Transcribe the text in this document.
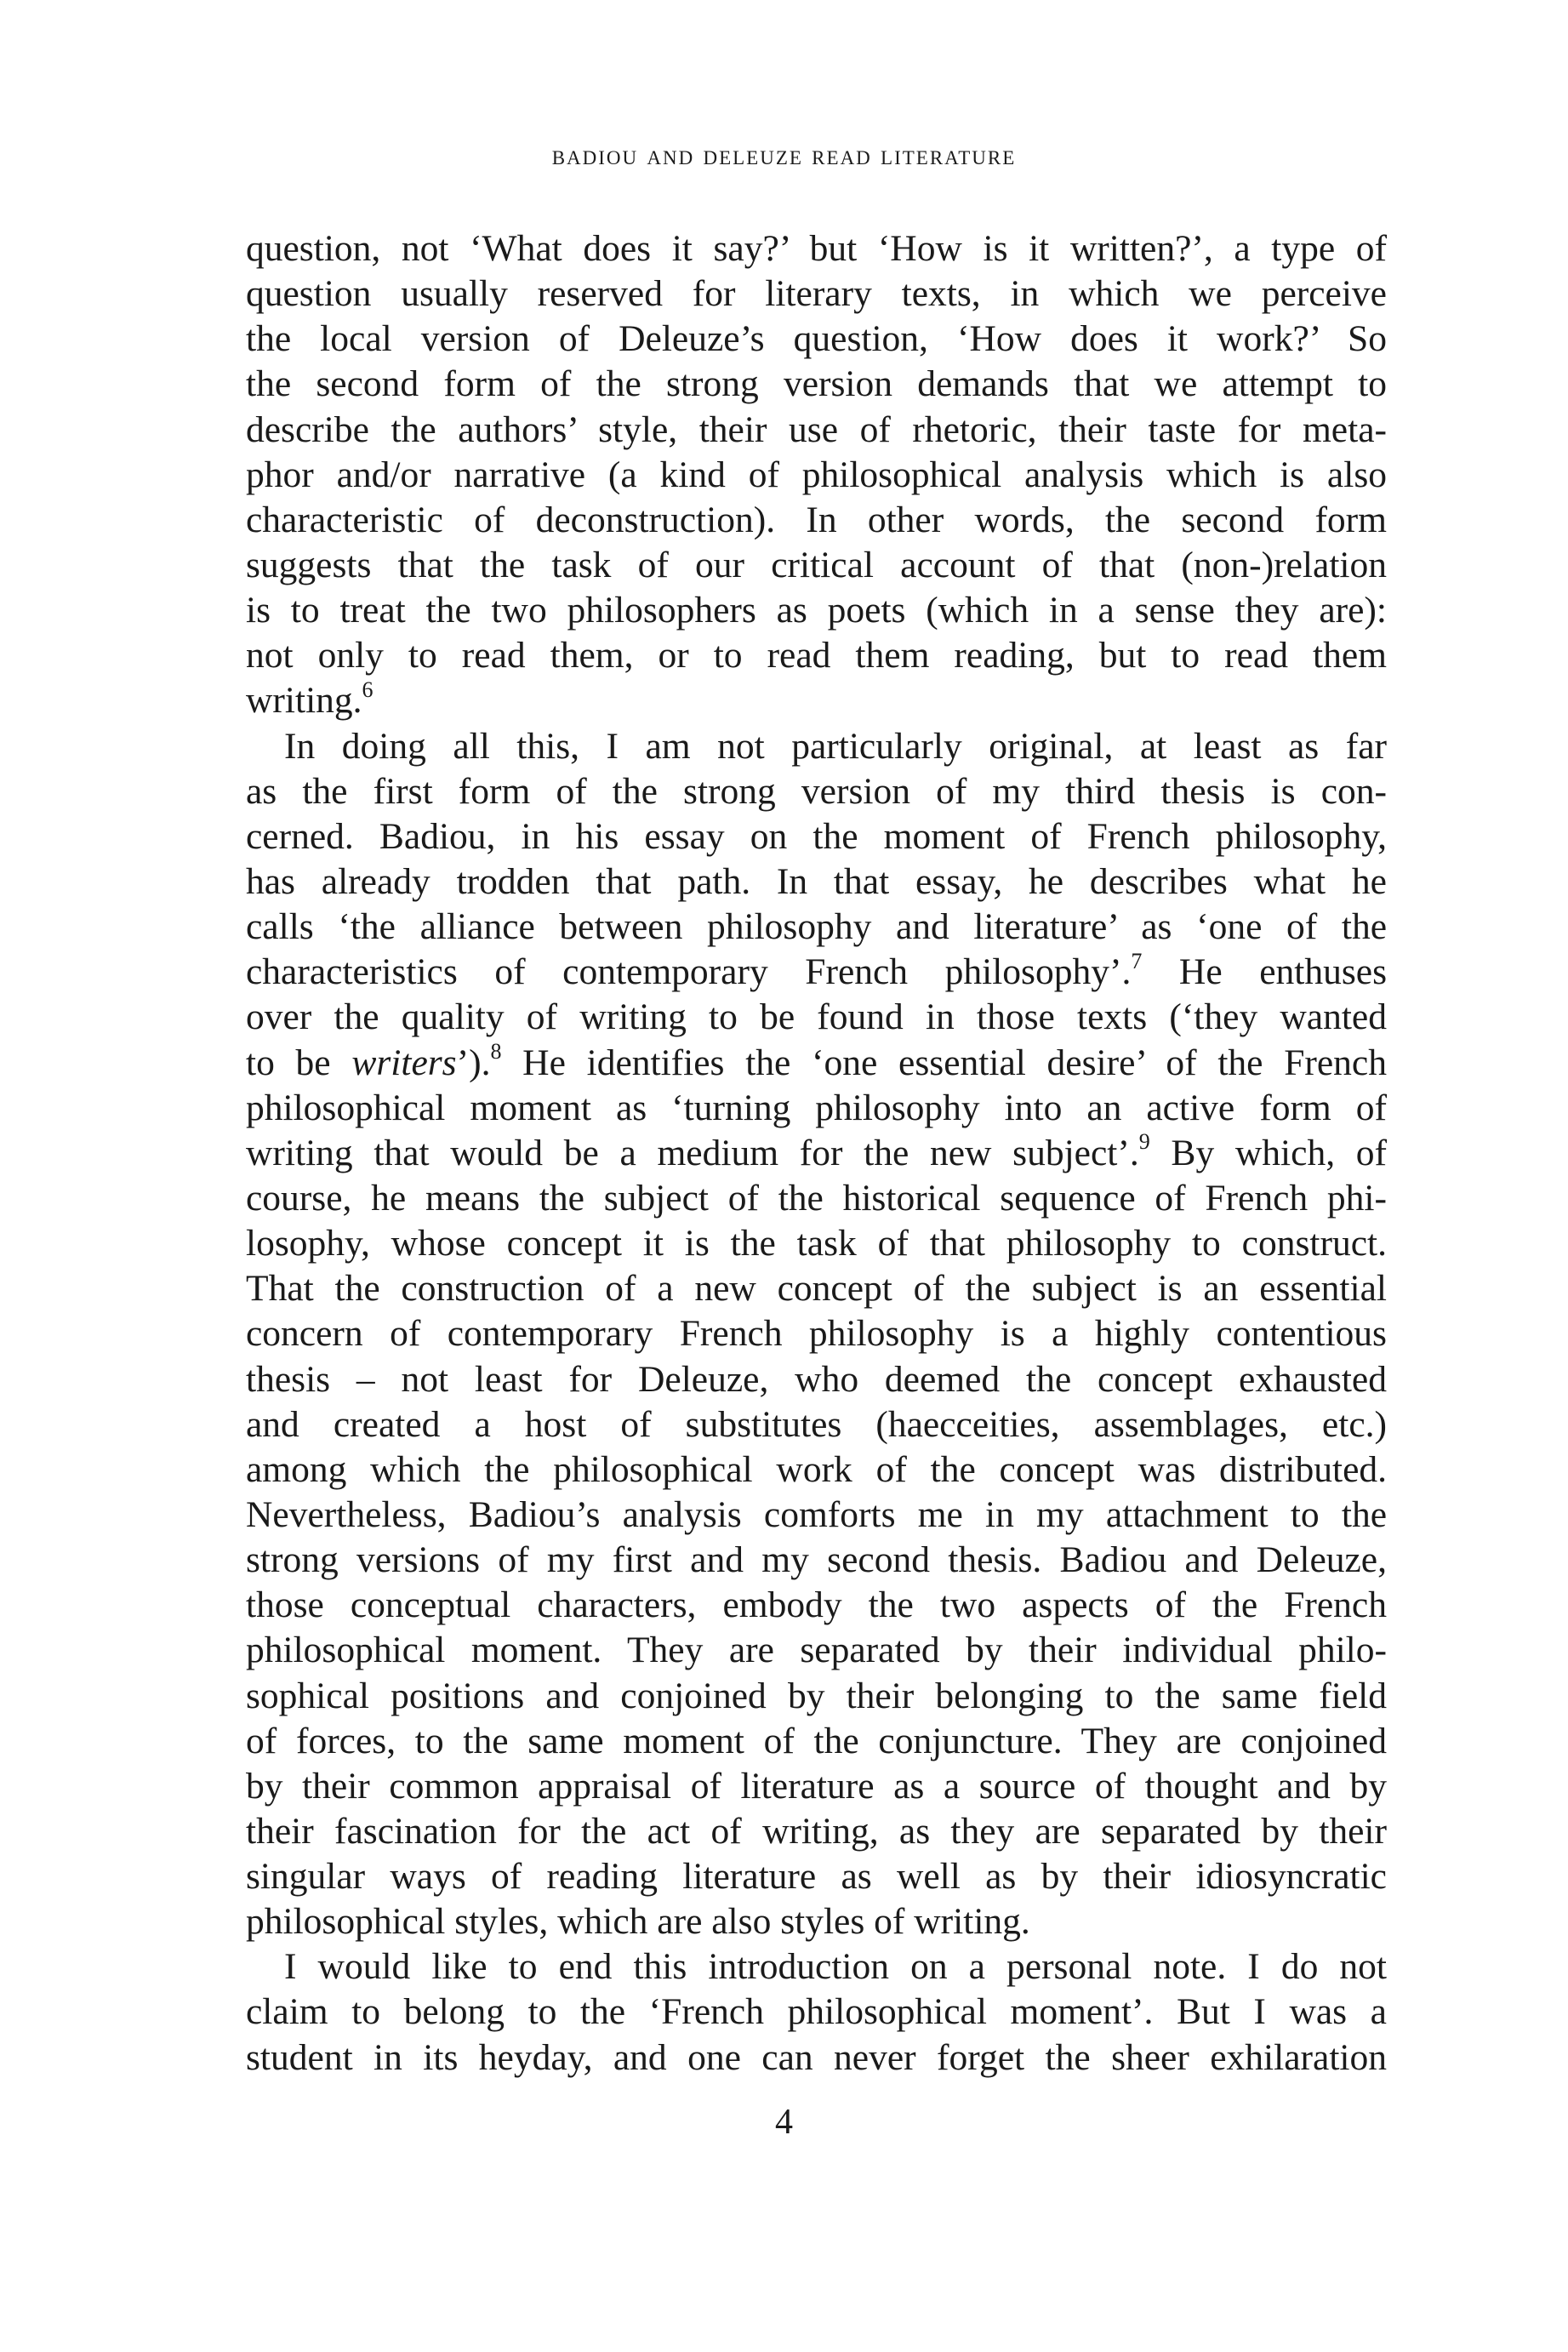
badiou and deleuze read literature
question, not ‘What does it say?’ but ‘How is it written?’, a type of
question usually reserved for literary texts, in which we perceive
the local version of Deleuze’s question, ‘How does it work?’ So
the second form of the strong version demands that we attempt to
describe the authors’ style, their use of rhetoric, their taste for meta-
phor and/or narrative (a kind of philosophical analysis which is also
characteristic of deconstruction). In other words, the second form
suggests that the task of our critical account of that (non-)relation
is to treat the two philosophers as poets (which in a sense they are):
not only to read them, or to read them reading, but to read them
writing.$^6$
In doing all this, I am not particularly original, at least as far
as the first form of the strong version of my third thesis is con-
cerned. Badiou, in his essay on the moment of French philosophy,
has already trodden that path. In that essay, he describes what he
calls ‘the alliance between philosophy and literature’ as ‘one of the
characteristics of contemporary French philosophy’.$^7$ He enthuses
over the quality of writing to be found in those texts (‘they wanted
to be writers’).$^8$ He identifies the ‘one essential desire’ of the French
philosophical moment as ‘turning philosophy into an active form of
writing that would be a medium for the new subject’.$^9$ By which, of
course, he means the subject of the historical sequence of French phi-
losophy, whose concept it is the task of that philosophy to construct.
That the construction of a new concept of the subject is an essential
concern of contemporary French philosophy is a highly contentious
thesis – not least for Deleuze, who deemed the concept exhausted
and created a host of substitutes (haecceities, assemblages, etc.)
among which the philosophical work of the concept was distributed.
Nevertheless, Badiou’s analysis comforts me in my attachment to the
strong versions of my first and my second thesis. Badiou and Deleuze,
those conceptual characters, embody the two aspects of the French
philosophical moment. They are separated by their individual philo-
sophical positions and conjoined by their belonging to the same field
of forces, to the same moment of the conjuncture. They are conjoined
by their common appraisal of literature as a source of thought and by
their fascination for the act of writing, as they are separated by their
singular ways of reading literature as well as by their idiosyncratic
philosophical styles, which are also styles of writing.
I would like to end this introduction on a personal note. I do not
claim to belong to the ‘French philosophical moment’. But I was a
student in its heyday, and one can never forget the sheer exhilaration
4
